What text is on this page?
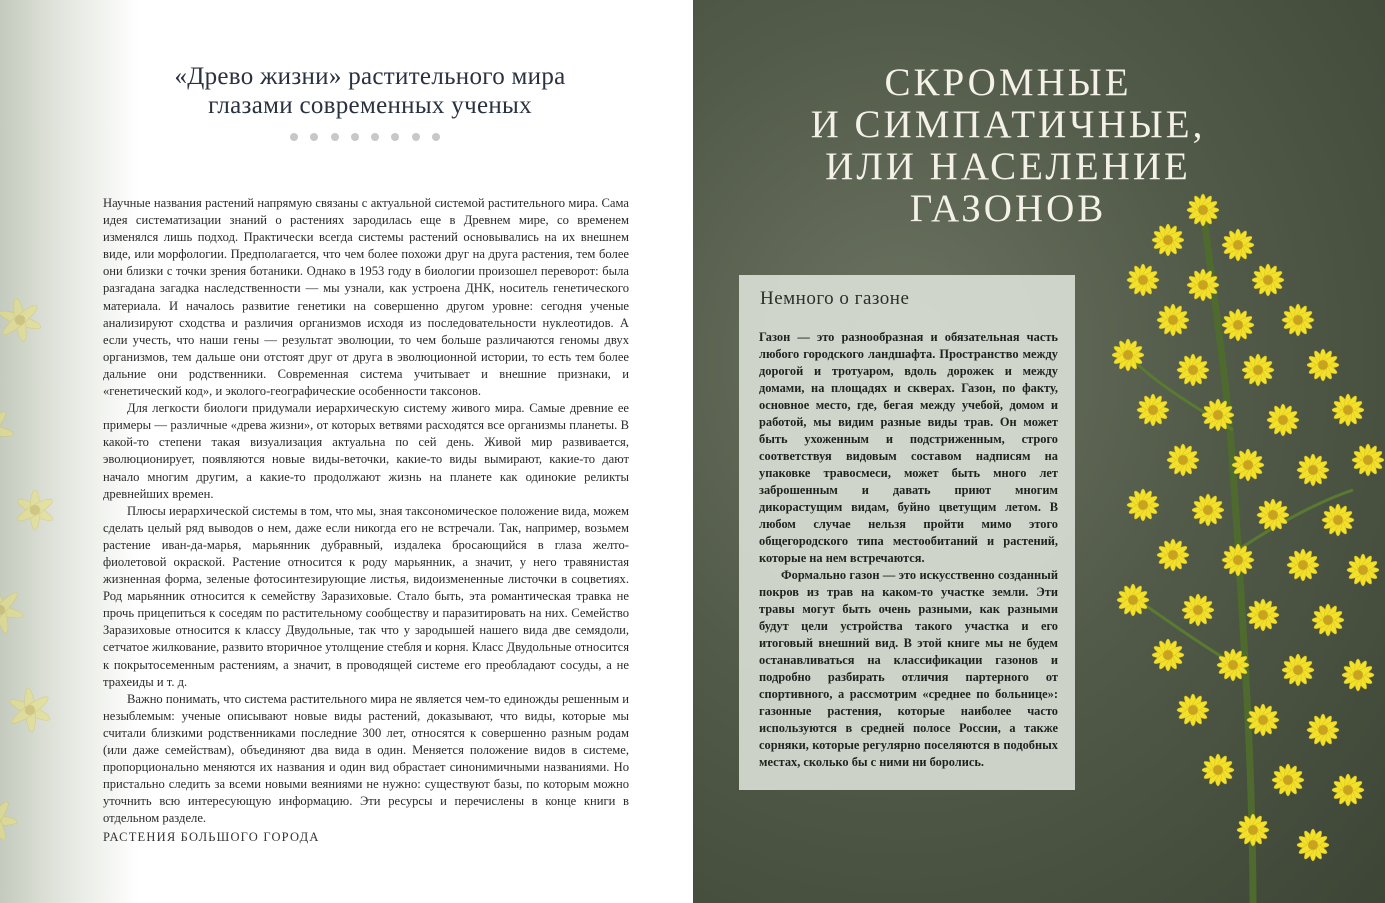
«Древо жизни» растительного мира
глазами современных ученых

Научные названия растений напрямую связаны с актуальной системой растительного мира. Сама идея систематизации знаний о растениях зародилась еще в Древнем мире, со временем изменялся лишь подход. Практически всегда системы растений основывались на их внешнем виде, или морфологии. Предполагается, что чем более похожи друг на друга растения, тем более они близки с точки зрения ботаники. Однако в 1953 году в биологии произошел переворот: была разгадана загадка наследственности — мы узнали, как устроена ДНК, носитель генетического материала. И началось развитие генетики на совершенно другом уровне: сегодня ученые анализируют сходства и различия организмов исходя из последовательности нуклеотидов. А если учесть, что наши гены — результат эволюции, то чем больше различаются геномы двух организмов, тем дальше они отстоят друг от друга в эволюционной истории, то есть тем более дальние они родственники. Современная система учитывает и внешние признаки, и «генетический код», и эколого-географические особенности таксонов.

Для легкости биологи придумали иерархическую систему живого мира. Самые древние ее примеры — различные «древа жизни», от которых ветвями расходятся все организмы планеты. В какой-то степени такая визуализация актуальна по сей день. Живой мир развивается, эволюционирует, появляются новые виды-веточки, какие-то виды вымирают, какие-то дают начало многим другим, а какие-то продолжают жизнь на планете как одинокие реликты древнейших времен.

Плюсы иерархической системы в том, что мы, зная таксономическое положение вида, можем сделать целый ряд выводов о нем, даже если никогда его не встречали. Так, например, возьмем растение иван-да-марья, марьянник дубравный, издалека бросающийся в глаза желто-фиолетовой окраской. Растение относится к роду марьянник, а значит, у него травянистая жизненная форма, зеленые фотосинтезирующие листья, видоизмененные листочки в соцветиях. Род марьянник относится к семейству Заразиховые. Стало быть, эта романтическая травка не прочь прицепиться к соседям по растительному сообществу и паразитировать на них. Семейство Заразиховые относится к классу Двудольные, так что у зародышей нашего вида две семядоли, сетчатое жилкование, развито вторичное утолщение стебля и корня. Класс Двудольные относится к покрытосеменным растениям, а значит, в проводящей системе его преобладают сосуды, а не трахеиды и т. д.

Важно понимать, что система растительного мира не является чем-то единожды решенным и незыблемым: ученые описывают новые виды растений, доказывают, что виды, которые мы считали близкими родственниками последние 300 лет, относятся к совершенно разным родам (или даже семействам), объединяют два вида в один. Меняется положение видов в системе, пропорционально меняются их названия и один вид обрастает синонимичными названиями. Но пристально следить за всеми новыми веяниями не нужно: существуют базы, по которым можно уточнить всю интересующую информацию. Эти ресурсы и перечислены в конце книги в отдельном разделе.

РАСТЕНИЯ БОЛЬШОГО ГОРОДА
СКРОМНЫЕ
И СИМПАТИЧНЫЕ,
ИЛИ НАСЕЛЕНИЕ
ГАЗОНОВ
Немного о газоне

Газон — это разнообразная и обязательная часть любого городского ландшафта. Пространство между дорогой и тротуаром, вдоль дорожек и между домами, на площадях и скверах. Газон, по факту, основное место, где, бегая между учебой, домом и работой, мы видим разные виды трав. Он может быть ухоженным и подстриженным, строго соответствуя видовым составом надписям на упаковке травосмеси, может быть много лет заброшенным и давать приют многим дикорастущим видам, буйно цветущим летом. В любом случае нельзя пройти мимо этого общегородского типа местообитаний и растений, которые на нем встречаются.

Формально газон — это искусственно созданный покров из трав на каком-то участке земли. Эти травы могут быть очень разными, как разными будут цели устройства такого участка и его итоговый внешний вид. В этой книге мы не будем останавливаться на классификации газонов и подробно разбирать отличия партерного от спортивного, а рассмотрим «среднее по больнице»: газонные растения, которые наиболее часто используются в средней полосе России, а также сорняки, которые регулярно поселяются в подобных местах, сколько бы с ними ни боролись.
